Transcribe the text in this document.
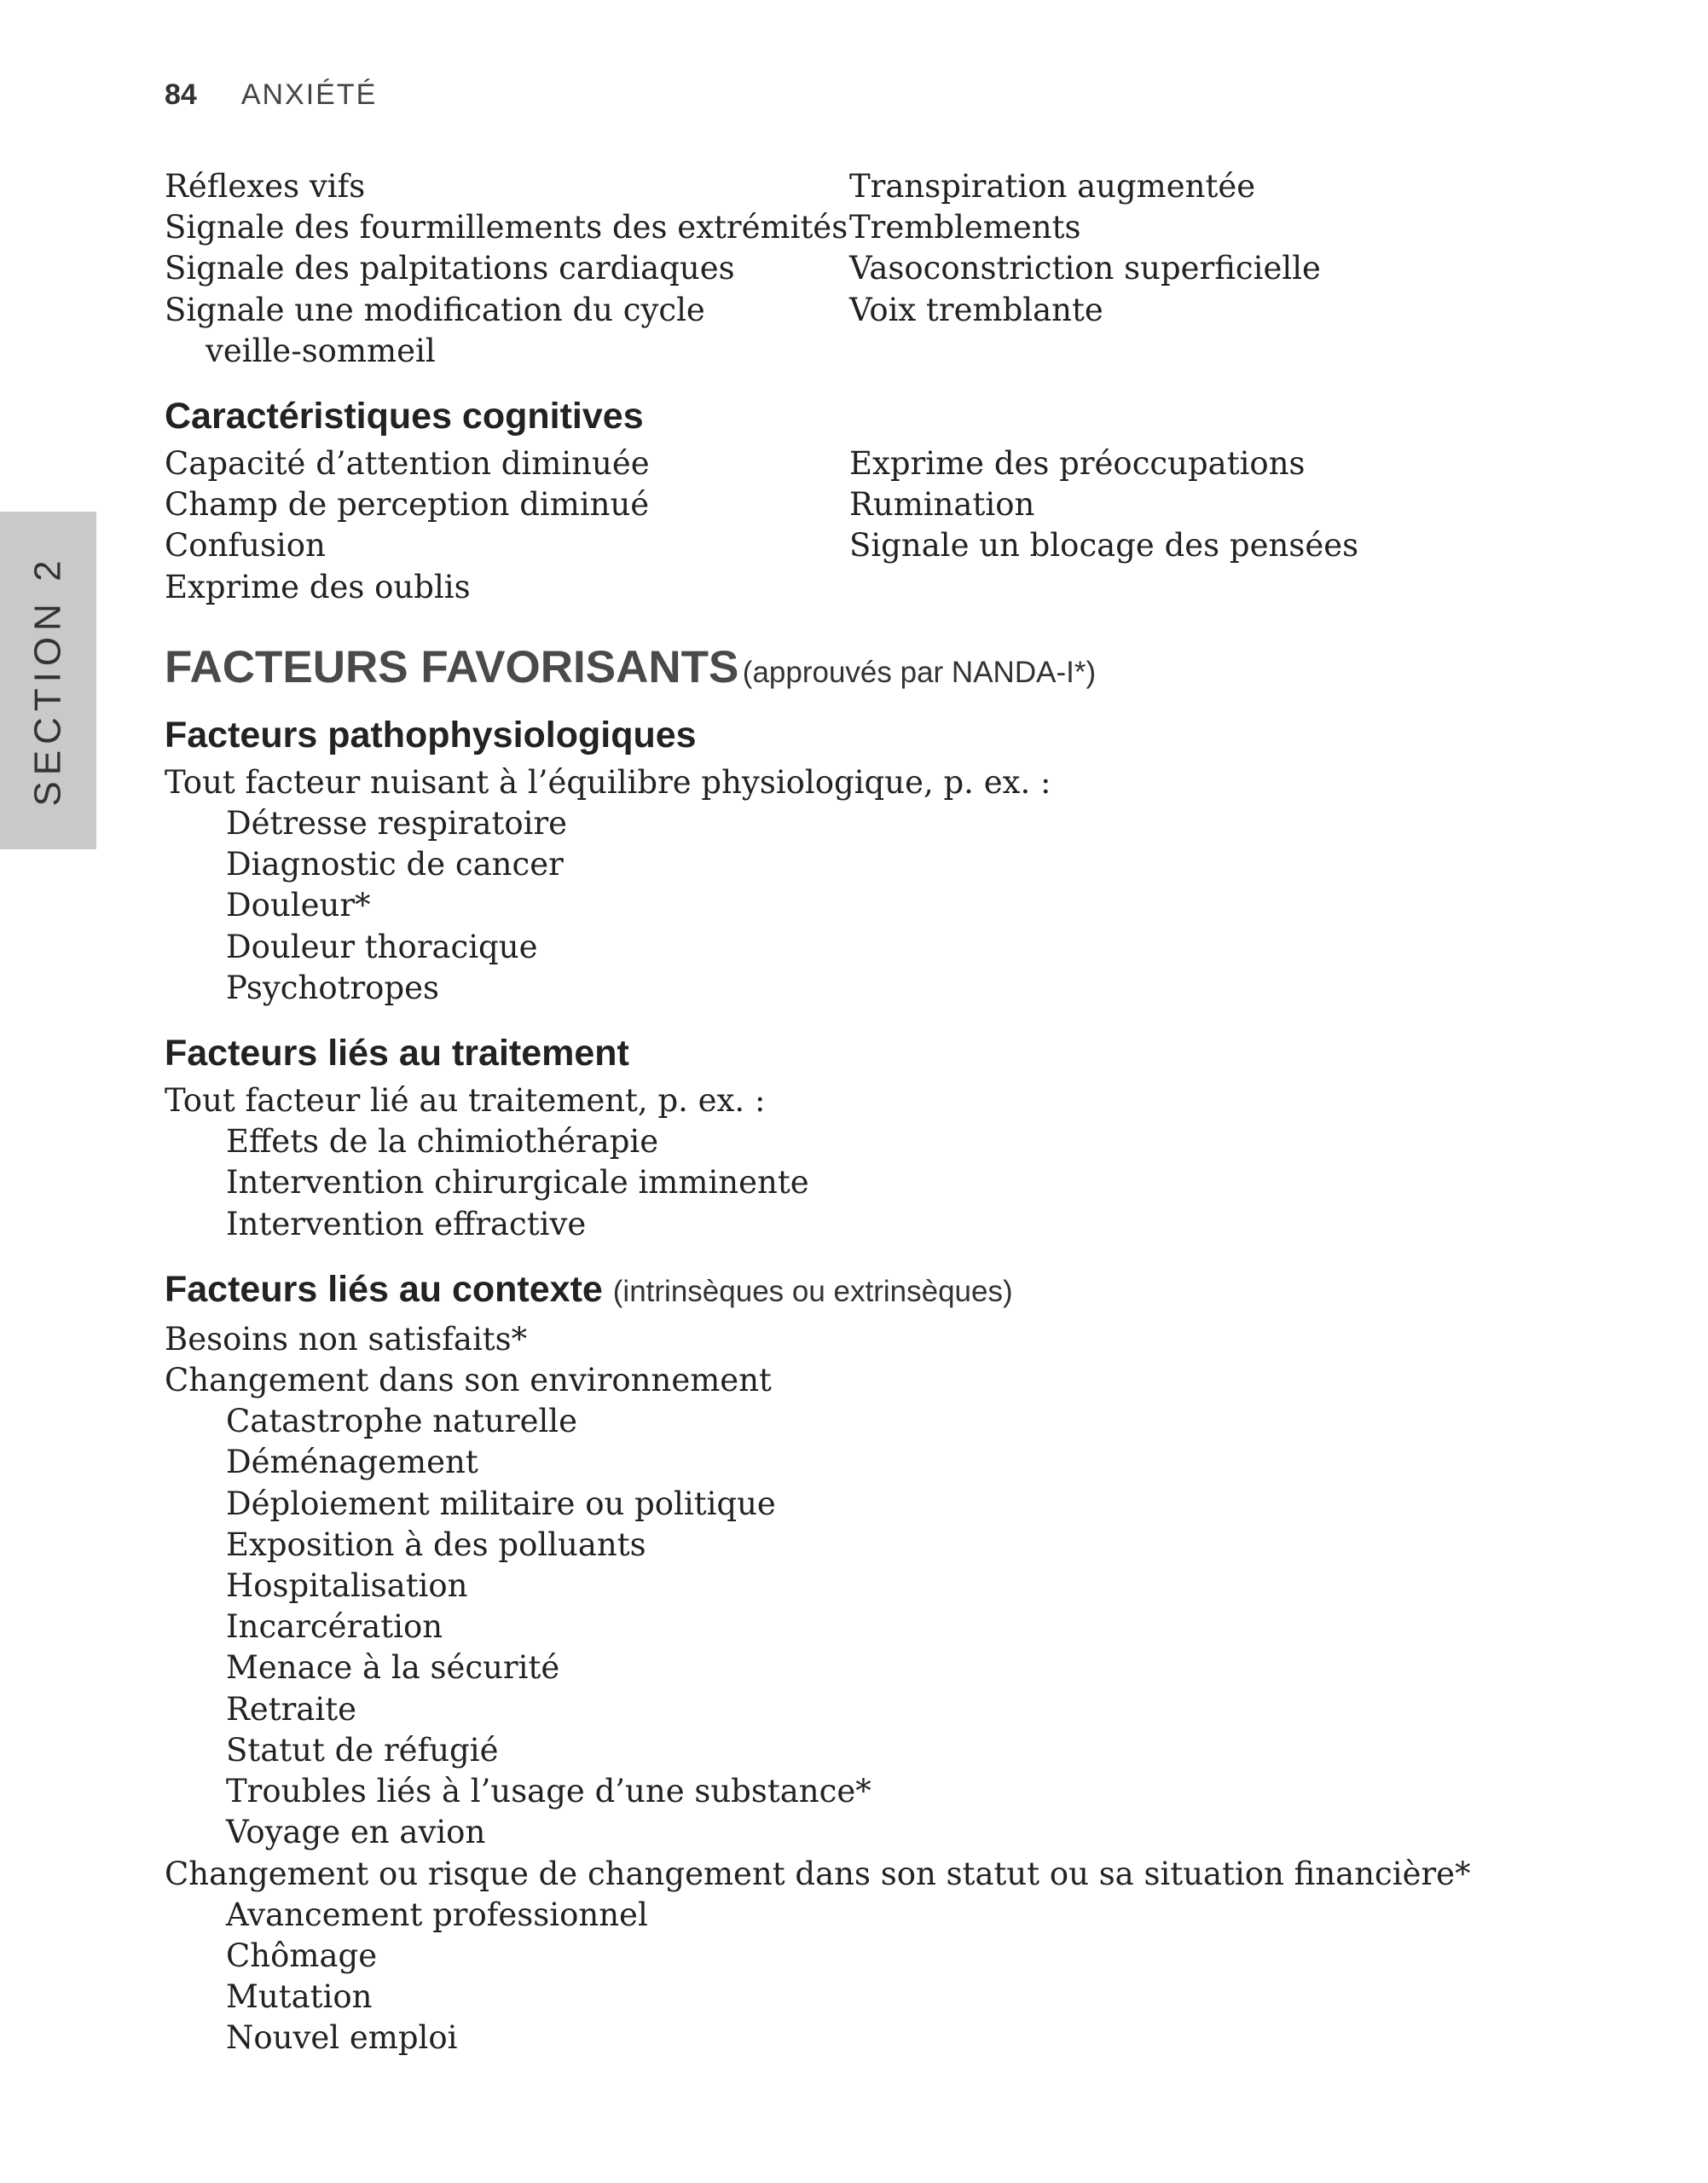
84 ANXIÉTÉ
SECTION 2
Réflexes vifs
Signale des fourmillements des extrémités
Signale des palpitations cardiaques
Signale une modification du cycle
veille-sommeil
Transpiration augmentée
Tremblements
Vasoconstriction superficielle
Voix tremblante
Caractéristiques cognitives
Capacité d’attention diminuée
Champ de perception diminué
Confusion
Exprime des oublis
Exprime des préoccupations
Rumination
Signale un blocage des pensées
FACTEURS FAVORISANTS (approuvés par NANDA-I*)
Facteurs pathophysiologiques
Tout facteur nuisant à l’équilibre physiologique, p. ex. :
Détresse respiratoire
Diagnostic de cancer
Douleur*
Douleur thoracique
Psychotropes
Facteurs liés au traitement
Tout facteur lié au traitement, p. ex. :
Effets de la chimiothérapie
Intervention chirurgicale imminente
Intervention effractive
Facteurs liés au contexte (intrinsèques ou extrinsèques)
Besoins non satisfaits*
Changement dans son environnement
Catastrophe naturelle
Déménagement
Déploiement militaire ou politique
Exposition à des polluants
Hospitalisation
Incarcération
Menace à la sécurité
Retraite
Statut de réfugié
Troubles liés à l’usage d’une substance*
Voyage en avion
Changement ou risque de changement dans son statut ou sa situation financière*
Avancement professionnel
Chômage
Mutation
Nouvel emploi
